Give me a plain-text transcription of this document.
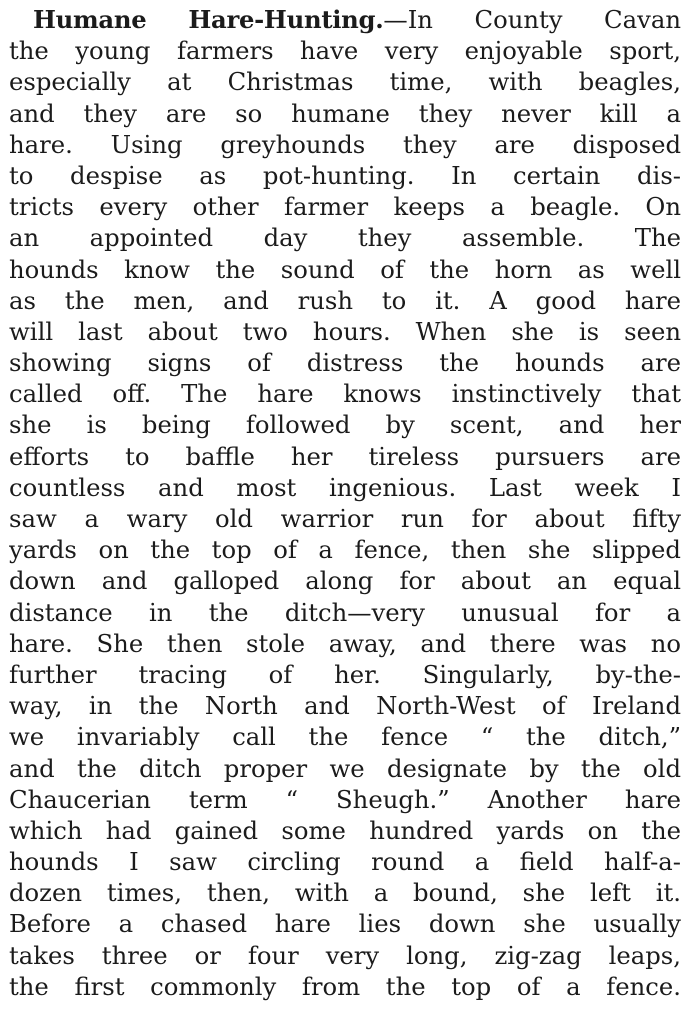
Humane Hare-Hunting.—In County Cavan
the young farmers have very enjoyable sport,
especially at Christmas time, with beagles,
and they are so humane they never kill a
hare. Using greyhounds they are disposed
to despise as pot-hunting. In certain dis-
tricts every other farmer keeps a beagle. On
an appointed day they assemble. The
hounds know the sound of the horn as well
as the men, and rush to it. A good hare
will last about two hours. When she is seen
showing signs of distress the hounds are
called off. The hare knows instinctively that
she is being followed by scent, and her
efforts to baffle her tireless pursuers are
countless and most ingenious. Last week I
saw a wary old warrior run for about fifty
yards on the top of a fence, then she slipped
down and galloped along for about an equal
distance in the ditch—very unusual for a
hare. She then stole away, and there was no
further tracing of her. Singularly, by-the-
way, in the North and North-West of Ireland
we invariably call the fence “ the ditch,”
and the ditch proper we designate by the old
Chaucerian term “ Sheugh.” Another hare
which had gained some hundred yards on the
hounds I saw circling round a field half-a-
dozen times, then, with a bound, she left it.
Before a chased hare lies down she usually
takes three or four very long, zig-zag leaps,
the first commonly from the top of a fence.
